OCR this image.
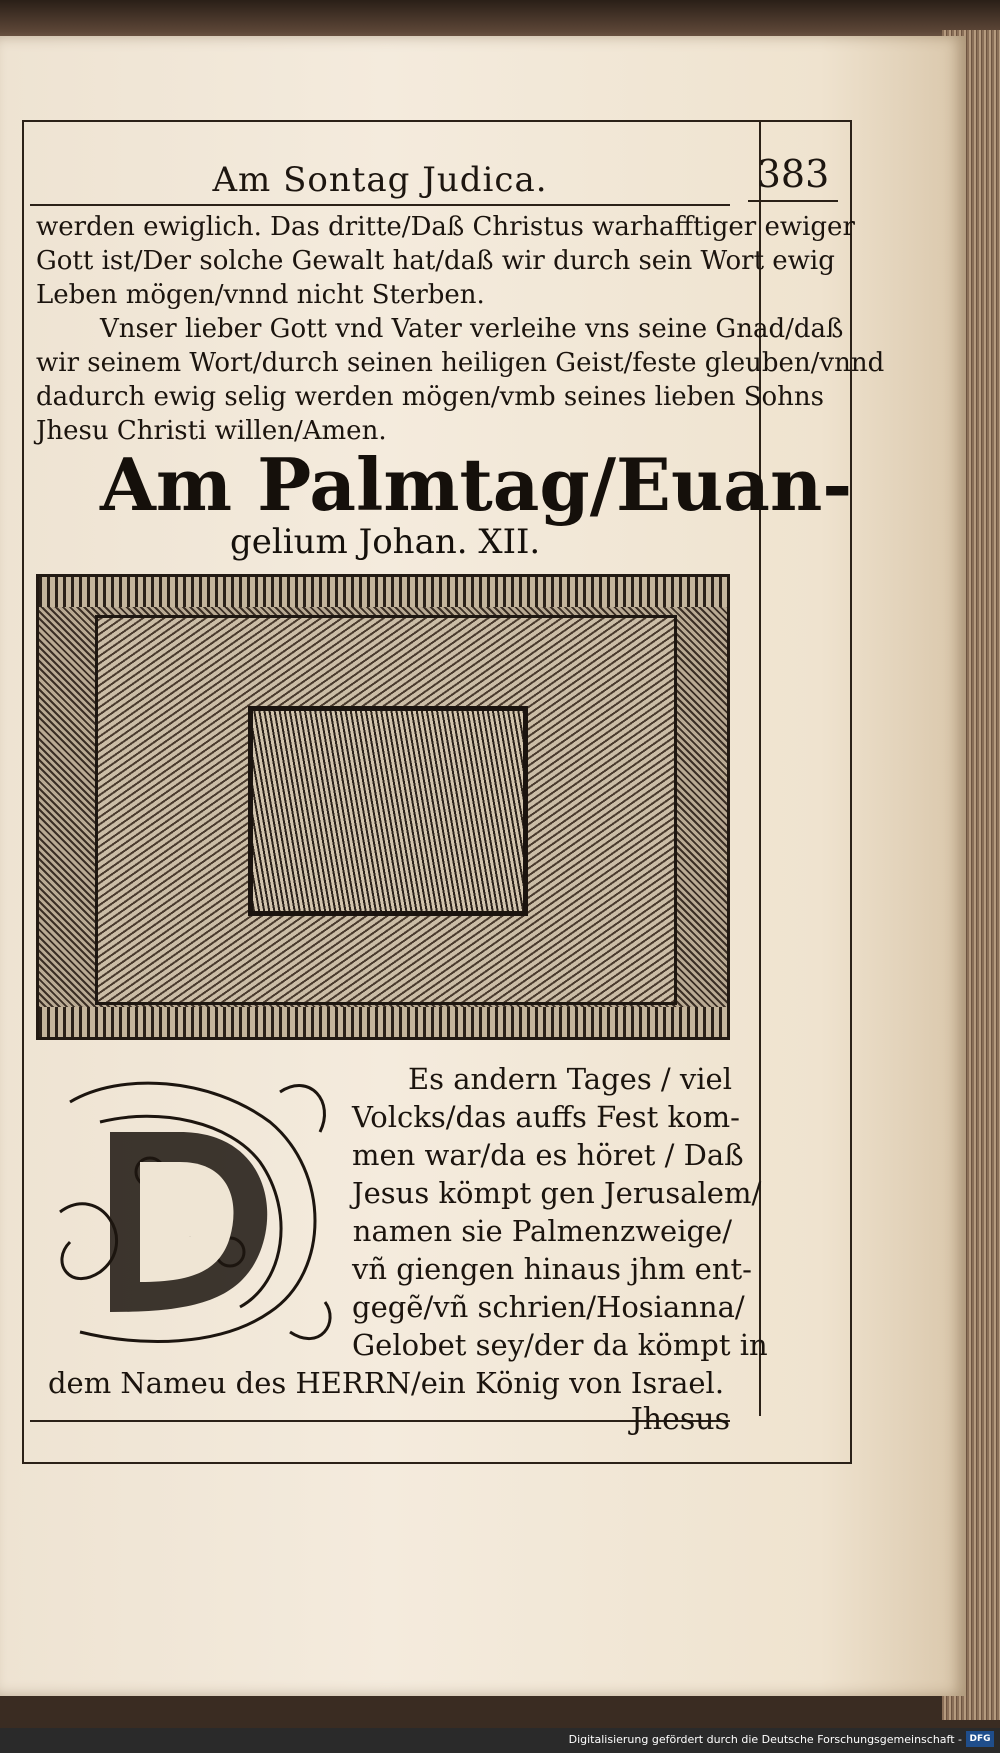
Am Sontag Judica.	383
werden ewiglich. Das dritte/Daß Christus warhafftiger ewiger
Gott ist/Der solche Gewalt hat/daß wir durch sein Wort ewig
Leben mögen/vnnd nicht Sterben.
Vnser lieber Gott vnd Vater verleihe vns seine Gnad/daß
wir seinem Wort/durch seinen heiligen Geist/feste gleuben/vnnd
dadurch ewig selig werden mögen/vmb seines lieben Sohns
Jhesu Christi willen/Amen.
Am Palmtag/Euan-
gelium Johan. XII.
D
Es andern Tages / viel
Volcks/das auffs Fest kom-
men war/da es höret / Daß
Jesus kömpt gen Jerusalem/
namen sie Palmenzweige/
vñ giengen hinaus jhm ent-
gegẽ/vñ schrien/Hosianna/
Gelobet sey/der da kömpt in
dem Nameu des HERRN/ein König von Israel.
Jhesus
Digitalisierung gefördert durch die Deutsche Forschungsgemeinschaft - DFG
